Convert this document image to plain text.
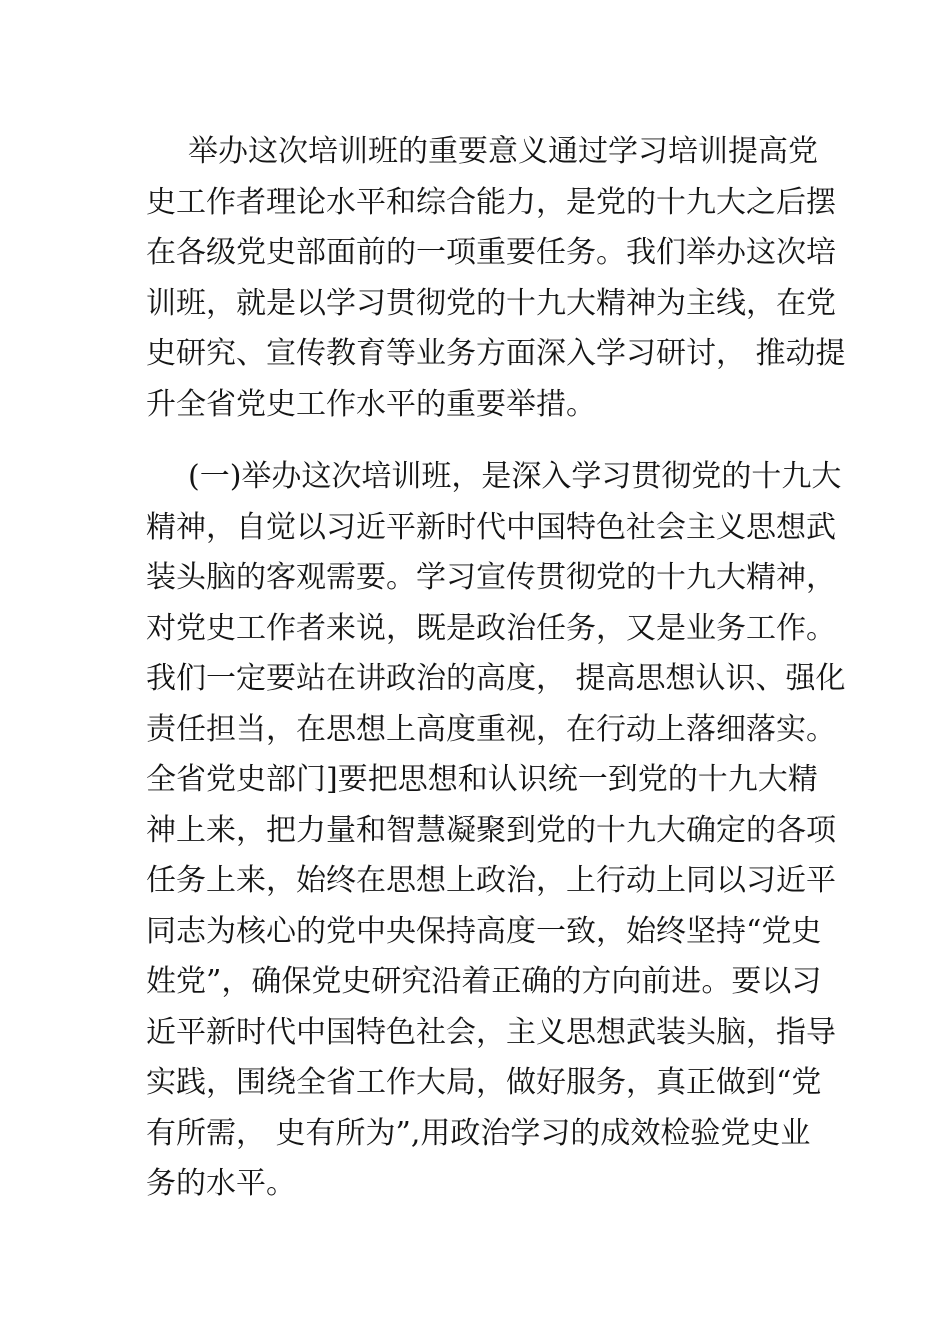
举办这次培训班的重要意义通过学习培训提高党
史工作者理论水平和综合能力，是党的十九大之后摆
在各级党史部面前的一项重要任务。我们举办这次培
训班，就是以学习贯彻党的十九大精神为主线，在党
史研究、宣传教育等业务方面深入学习研讨， 推动提
升全省党史工作水平的重要举措。

(一)举办这次培训班，是深入学习贯彻党的十九大
精神，自觉以习近平新时代中国特色社会主义思想武
装头脑的客观需要。学习宣传贯彻党的十九大精神，
对党史工作者来说，既是政治任务，又是业务工作。
我们一定要站在讲政治的高度， 提高思想认识、强化
责任担当，在思想上高度重视，在行动上落细落实。
全省党史部门]要把思想和认识统一到党的十九大精
神上来，把力量和智慧凝聚到党的十九大确定的各项
任务上来，始终在思想上政治，上行动上同以习近平
同志为核心的党中央保持高度一致，始终坚持“党史
姓党”，确保党史研究沿着正确的方向前进。要以习
近平新时代中国特色社会，主义思想武装头脑，指导
实践，围绕全省工作大局，做好服务，真正做到“党
有所需， 史有所为”,用政治学习的成效检验党史业
务的水平。
